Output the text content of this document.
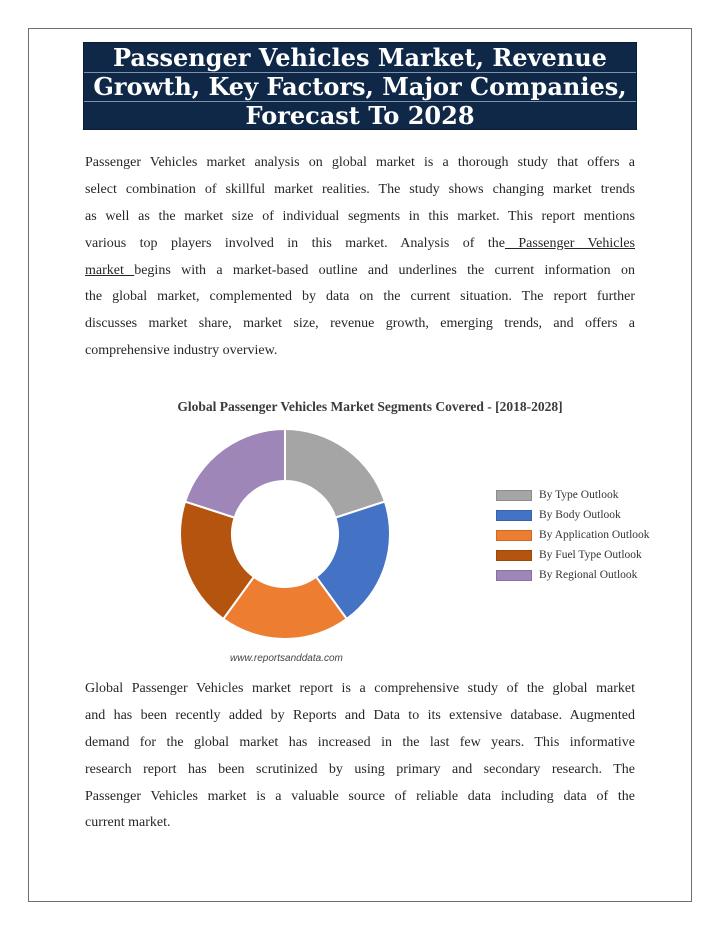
Passenger Vehicles Market, Revenue
Growth, Key Factors, Major Companies,
Forecast To 2028
Passenger Vehicles market analysis on global market is a thorough study that offers a
select combination of skillful market realities. The study shows changing market trends
as well as the market size of individual segments in this market. This report mentions
various top players involved in this market. Analysis of the Passenger Vehicles
market begins with a market-based outline and underlines the current information on
the global market, complemented by data on the current situation. The report further
discusses market share, market size, revenue growth, emerging trends, and offers a
comprehensive industry overview.
Global Passenger Vehicles Market Segments Covered - [2018-2028]
By Type Outlook
By Body Outlook
By Application Outlook
By Fuel Type Outlook
By Regional Outlook
www.reportsanddata.com
Global Passenger Vehicles market report is a comprehensive study of the global market
and has been recently added by Reports and Data to its extensive database. Augmented
demand for the global market has increased in the last few years. This informative
research report has been scrutinized by using primary and secondary research. The
Passenger Vehicles market is a valuable source of reliable data including data of the
current market.
